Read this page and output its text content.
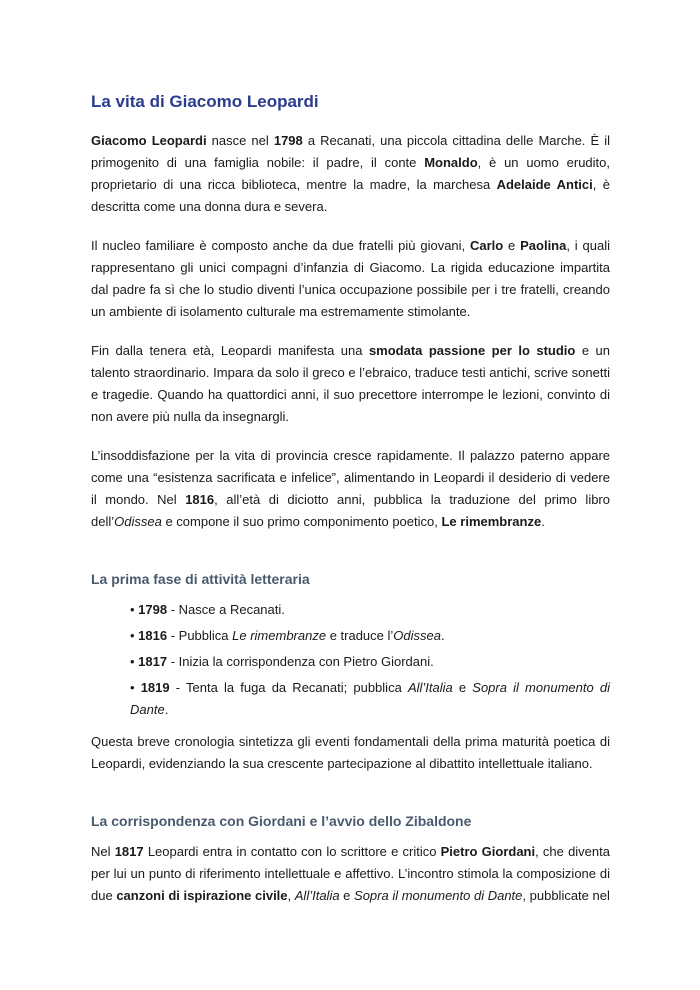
La vita di Giacomo Leopardi

Giacomo Leopardi nasce nel 1798 a Recanati, una piccola cittadina delle Marche. È il primogenito di una famiglia nobile: il padre, il conte Monaldo, è un uomo erudito, proprietario di una ricca biblioteca, mentre la madre, la marchesa Adelaide Antici, è descritta come una donna dura e severa.

Il nucleo familiare è composto anche da due fratelli più giovani, Carlo e Paolina, i quali rappresentano gli unici compagni d’infanzia di Giacomo. La rigida educazione impartita dal padre fa sì che lo studio diventi l’unica occupazione possibile per i tre fratelli, creando un ambiente di isolamento culturale ma estremamente stimolante.

Fin dalla tenera età, Leopardi manifesta una smodata passione per lo studio e un talento straordinario. Impara da solo il greco e l’ebraico, traduce testi antichi, scrive sonetti e tragedie. Quando ha quattordici anni, il suo precettore interrompe le lezioni, convinto di non avere più nulla da insegnargli.

L’insoddisfazione per la vita di provincia cresce rapidamente. Il palazzo paterno appare come una “esistenza sacrificata e infelice”, alimentando in Leopardi il desiderio di vedere il mondo. Nel 1816, all’età di diciotto anni, pubblica la traduzione del primo libro dell’Odissea e compone il suo primo componimento poetico, Le rimembranze.

La prima fase di attività letteraria
• 1798 - Nasce a Recanati.
• 1816 - Pubblica Le rimembranze e traduce l’Odissea.
• 1817 - Inizia la corrispondenza con Pietro Giordani.
• 1819 - Tenta la fuga da Recanati; pubblica All’Italia e Sopra il monumento di Dante.

Questa breve cronologia sintetizza gli eventi fondamentali della prima maturità poetica di Leopardi, evidenziando la sua crescente partecipazione al dibattito intellettuale italiano.

La corrispondenza con Giordani e l’avvio dello Zibaldone

Nel 1817 Leopardi entra in contatto con lo scrittore e critico Pietro Giordani, che diventa per lui un punto di riferimento intellettuale e affettivo. L’incontro stimola la composizione di due canzoni di ispirazione civile, All’Italia e Sopra il monumento di Dante, pubblicate nel
